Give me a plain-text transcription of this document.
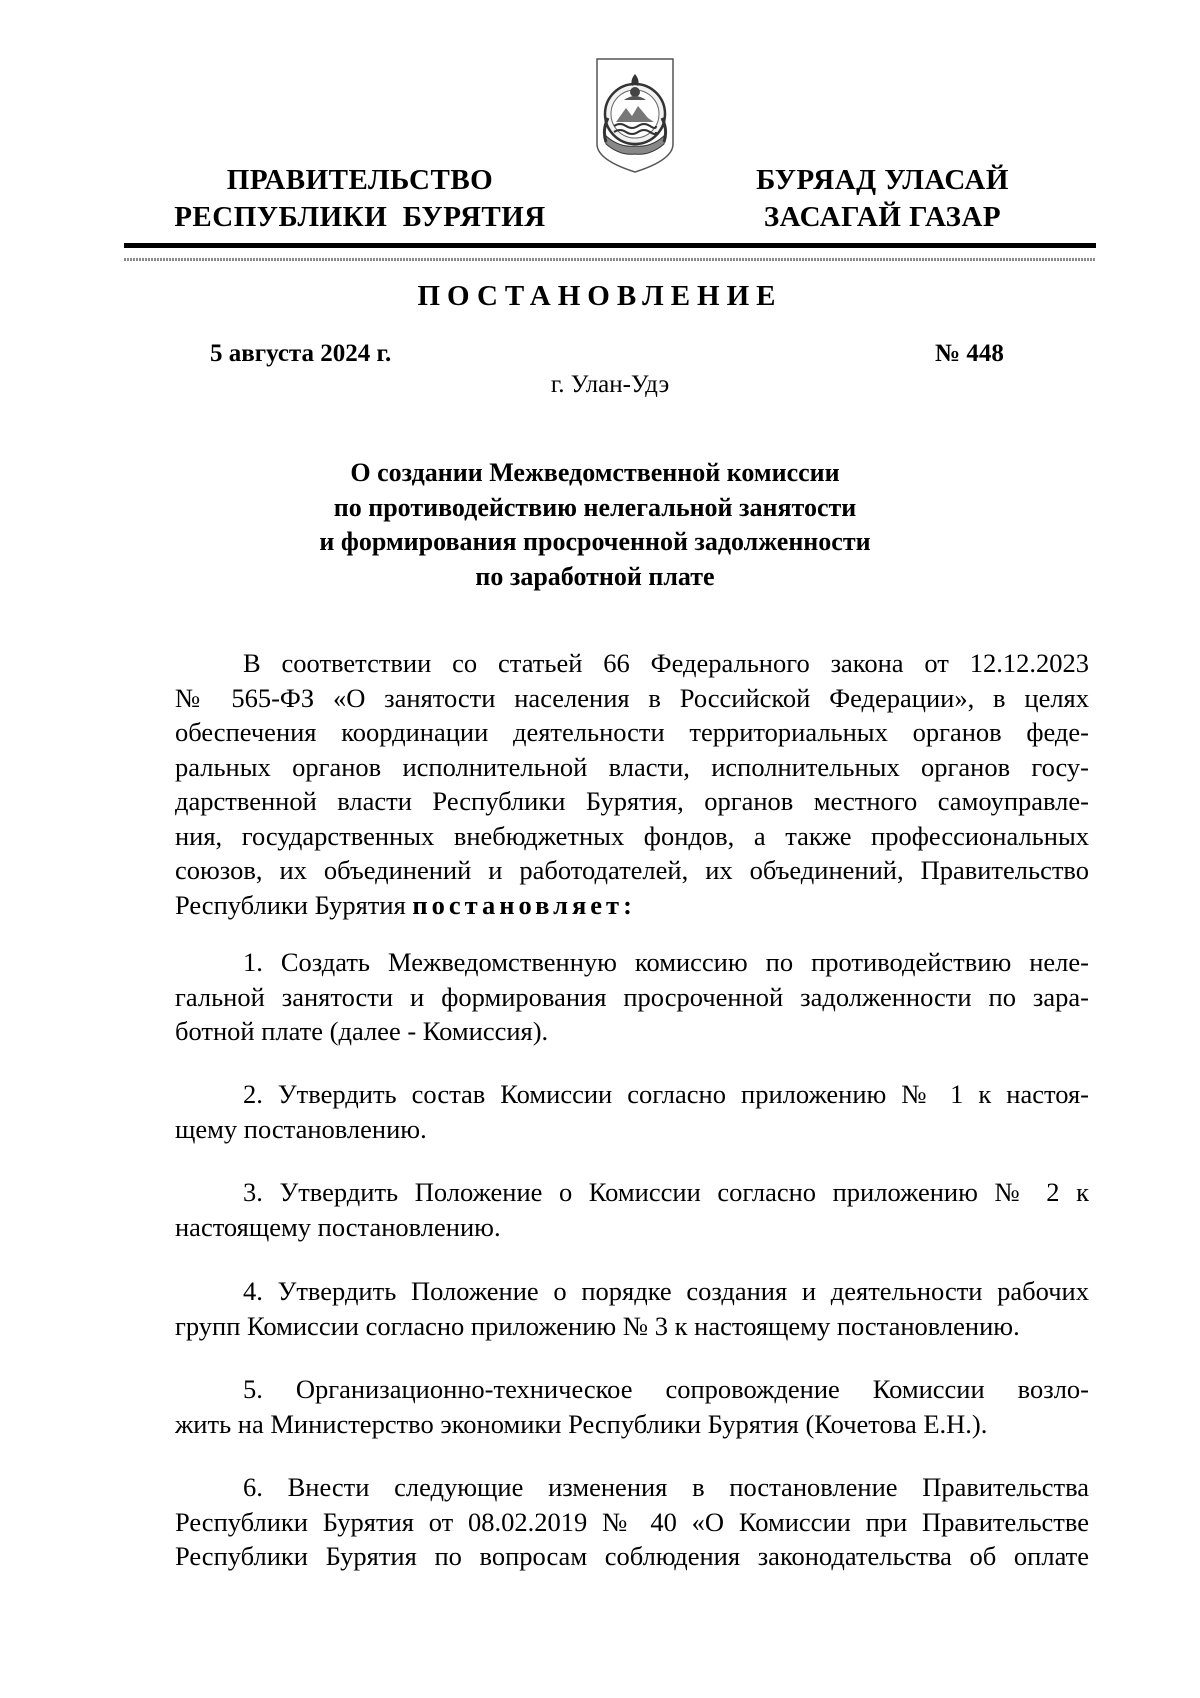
ПРАВИТЕЛЬСТВО
РЕСПУБЛИКИ  БУРЯТИЯ
БУРЯАД УЛАСАЙ
ЗАСАГАЙ ГАЗАР
ПОСТАНОВЛЕНИЕ
5 августа 2024 г.	№ 448
г. Улан-Удэ
О создании Межведомственной комиссии
по противодействию нелегальной занятости
и формирования просроченной задолженности
по заработной плате
В соответствии со статьей 66 Федерального закона от 12.12.2023
№ 565-ФЗ «О занятости населения в Российской Федерации», в целях
обеспечения координации деятельности территориальных органов феде-
ральных органов исполнительной власти, исполнительных органов госу-
дарственной власти Республики Бурятия, органов местного самоуправле-
ния, государственных внебюджетных фондов, а также профессиональных
союзов, их объединений и работодателей, их объединений, Правительство
Республики Бурятия постановляет:
1. Создать Межведомственную комиссию по противодействию неле-
гальной занятости и формирования просроченной задолженности по зара-
ботной плате (далее - Комиссия).
2. Утвердить состав Комиссии согласно приложению № 1 к настоя-
щему постановлению.
3. Утвердить Положение о Комиссии согласно приложению № 2 к
настоящему постановлению.
4. Утвердить Положение о порядке создания и деятельности рабочих
групп Комиссии согласно приложению № 3 к настоящему постановлению.
5. Организационно-техническое сопровождение Комиссии возло-
жить на Министерство экономики Республики Бурятия (Кочетова Е.Н.).
6. Внести следующие изменения в постановление Правительства
Республики Бурятия от 08.02.2019 № 40 «О Комиссии при Правительстве
Республики Бурятия по вопросам соблюдения законодательства об оплате
